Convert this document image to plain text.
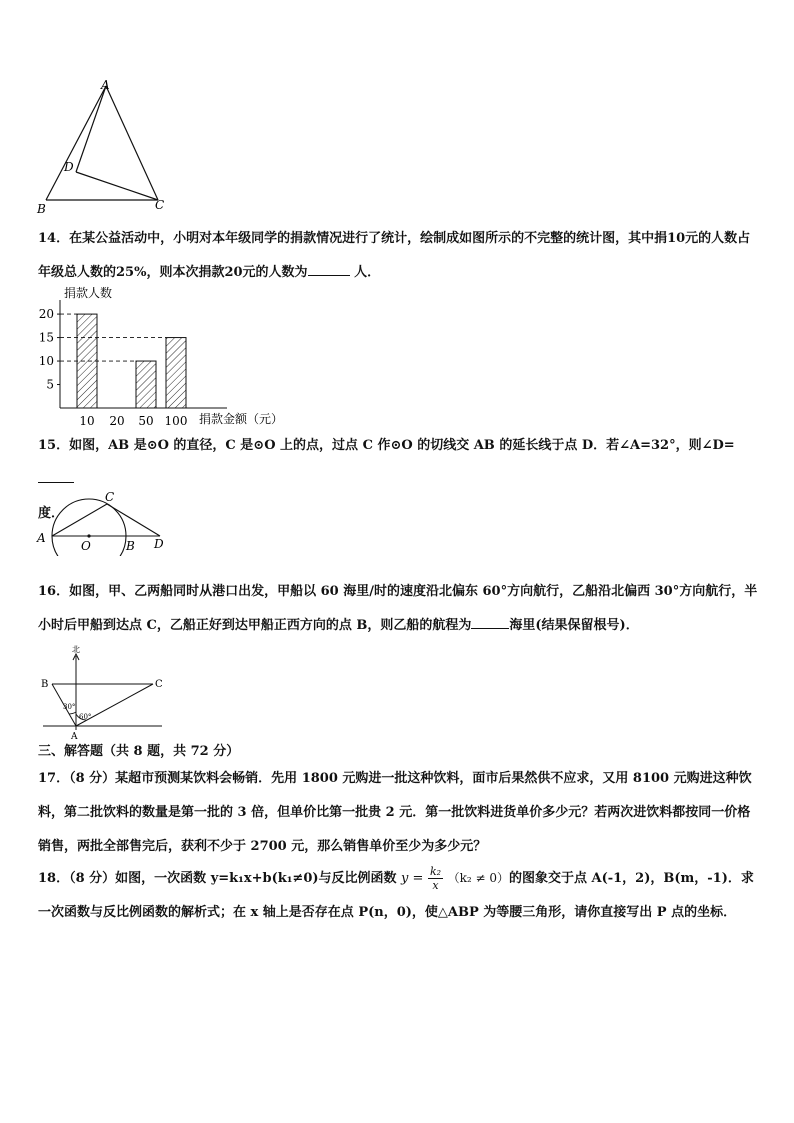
A
D
B	C
14．在某公益活动中，小明对本年级同学的捐款情况进行了统计，绘制成如图所示的不完整的统计图，其中捐10元的人数占年级总人数的25%，则本次捐款20元的人数为	人．
5
10
15
20
10 20 50 100
捐款人数
捐款金额（元）
15．如图，AB 是⊙O 的直径，C 是⊙O 上的点，过点 C 作⊙O 的切线交 AB 的延长线于点 D．若∠A=32°，则∠D=
度．
A
O	B
C
D
16．如图，甲、乙两船同时从港口出发，甲船以 60 海里/时的速度沿北偏东 60°方向航行，乙船沿北偏西 30°方向航行，半小时后甲船到达点 C，乙船正好到达甲船正西方向的点 B，则乙船的航程为	海里(结果保留根号)．
北
B	C
A
30°
60°
三、解答题（共 8 题，共 72 分）
17．（8 分）某超市预测某饮料会畅销．先用 1800 元购进一批这种饮料，面市后果然供不应求，又用 8100 元购进这种饮料，第二批饮料的数量是第一批的 3 倍，但单价比第一批贵 2 元．第一批饮料进货单价多少元？若两次进饮料都按同一价格销售，两批全部售完后，获利不少于 2700 元，那么销售单价至少为多少元？
18．（8 分）如图，一次函数 y=k₁x+b(k₁≠0)与反比例函数 $y = \frac{\text{k₂}}{x} (k_2 \ne 0)$的图象交于点 A(-1，2)，B(m，-1)．求一次函数与反比例函数的解析式；在 x 轴上是否存在点 P(n，0)，使△ABP 为等腰三角形，请你直接写出 P 点的坐标．
